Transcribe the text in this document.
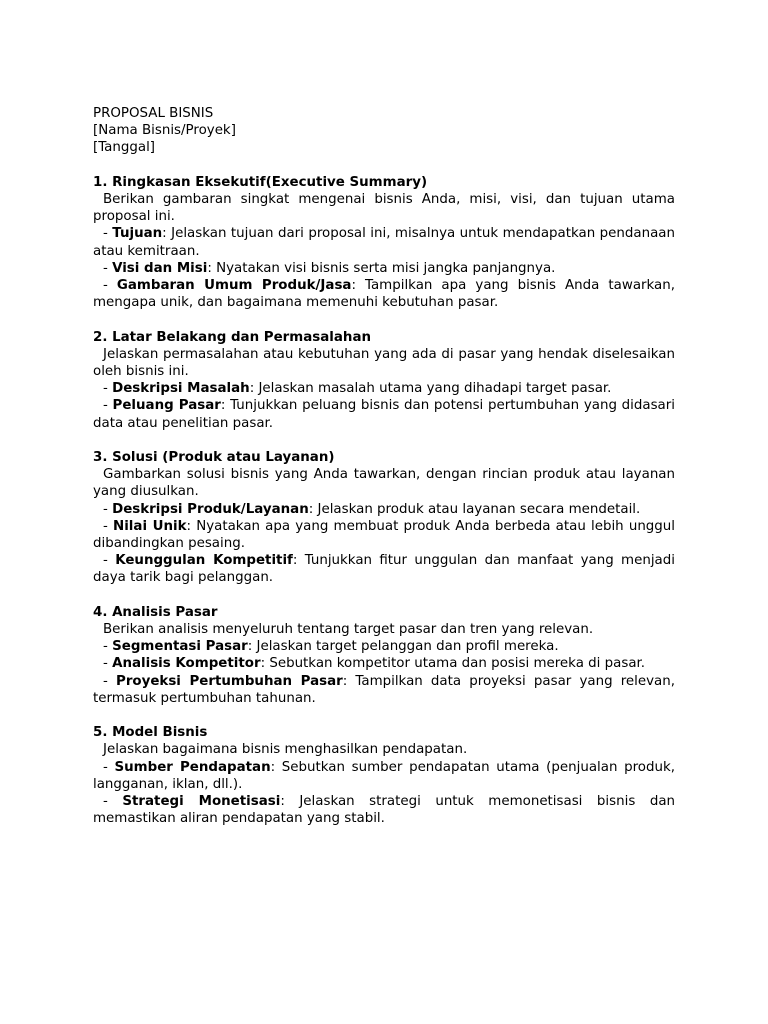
PROPOSAL BISNIS
[Nama Bisnis/Proyek]
[Tanggal]
1. Ringkasan Eksekutif(Executive Summary)
Berikan gambaran singkat mengenai bisnis Anda, misi, visi, dan tujuan utama proposal ini.
- Tujuan: Jelaskan tujuan dari proposal ini, misalnya untuk mendapatkan pendanaan atau kemitraan.
- Visi dan Misi: Nyatakan visi bisnis serta misi jangka panjangnya.
- Gambaran Umum Produk/Jasa: Tampilkan apa yang bisnis Anda tawarkan, mengapa unik, dan bagaimana memenuhi kebutuhan pasar.
2. Latar Belakang dan Permasalahan
Jelaskan permasalahan atau kebutuhan yang ada di pasar yang hendak diselesaikan oleh bisnis ini.
- Deskripsi Masalah: Jelaskan masalah utama yang dihadapi target pasar.
- Peluang Pasar: Tunjukkan peluang bisnis dan potensi pertumbuhan yang didasari data atau penelitian pasar.
3. Solusi (Produk atau Layanan)
Gambarkan solusi bisnis yang Anda tawarkan, dengan rincian produk atau layanan yang diusulkan.
- Deskripsi Produk/Layanan: Jelaskan produk atau layanan secara mendetail.
- Nilai Unik: Nyatakan apa yang membuat produk Anda berbeda atau lebih unggul dibandingkan pesaing.
- Keunggulan Kompetitif: Tunjukkan fitur unggulan dan manfaat yang menjadi daya tarik bagi pelanggan.
4. Analisis Pasar
Berikan analisis menyeluruh tentang target pasar dan tren yang relevan.
- Segmentasi Pasar: Jelaskan target pelanggan dan profil mereka.
- Analisis Kompetitor: Sebutkan kompetitor utama dan posisi mereka di pasar.
- Proyeksi Pertumbuhan Pasar: Tampilkan data proyeksi pasar yang relevan, termasuk pertumbuhan tahunan.
5. Model Bisnis
Jelaskan bagaimana bisnis menghasilkan pendapatan.
- Sumber Pendapatan: Sebutkan sumber pendapatan utama (penjualan produk, langganan, iklan, dll.).
- Strategi Monetisasi: Jelaskan strategi untuk memonetisasi bisnis dan memastikan aliran pendapatan yang stabil.
